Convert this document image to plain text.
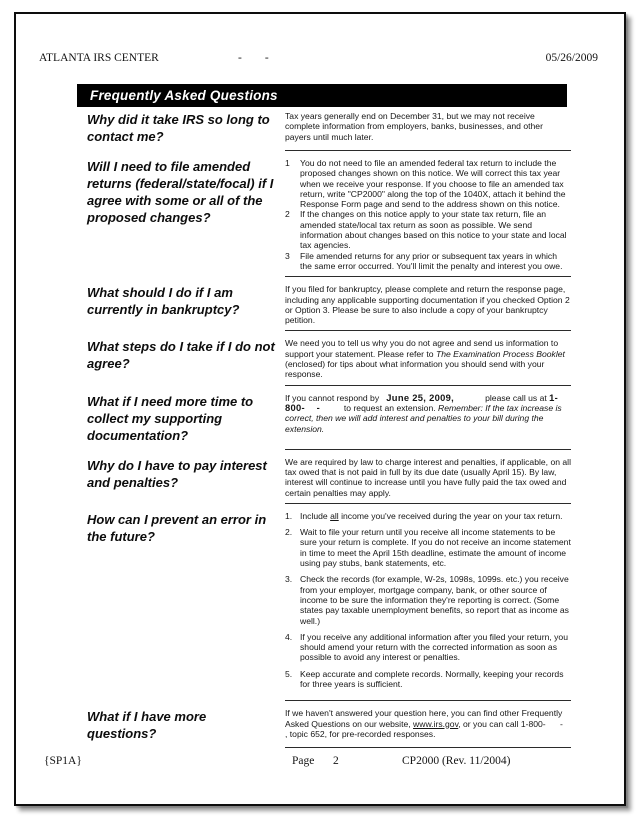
ATLANTA IRS CENTER	-        -	05/26/2009
Frequently Asked Questions
Why did it take IRS so long to contact me?
Tax years generally end on December 31, but we may not receive complete information from employers, banks, businesses, and other payers until much later.
Will I need to file amended returns (federal/state/focal) if I agree with some or all of the proposed changes?
1	You do not need to file an amended federal tax return to include the proposed changes shown on this notice. We will correct this tax year when we receive your response. If you choose to file an amended tax return, write "CP2000" along the top of the 1040X, attach it behind the Response Form page and send to the address shown on this notice.
2	If the changes on this notice apply to your state tax return, file an amended state/local tax return as soon as possible. We send information about changes based on this notice to your state and local tax agencies.
3	File amended returns for any prior or subsequent tax years in which the same error occurred. You'll limit the penalty and interest you owe.
What should I do if I am currently in bankruptcy?
If you filed for bankruptcy, please complete and return the response page, including any applicable supporting documentation if you checked Option 2 or Option 3. Please be sure to also include a copy of your bankruptcy petition.
What steps do I take if I do not agree?
We need you to tell us why you do not agree and send us information to support your statement. Please refer to The Examination Process Booklet (enclosed) for tips about what information you should send with your response.
What if I need more time to collect my supporting documentation?
If you cannot respond by   June 25, 2009,             please call us at 1-800-    -          to request an extension. Remember: If the tax increase is correct, then we will add interest and penalties to your bill during the extension.
Why do I have to pay interest and penalties?
We are required by law to charge interest and penalties, if applicable, on all tax owed that is not paid in full by its due date (usually April 15). By law, interest will continue to increase until you have fully paid the tax owed and certain penalties may apply.
How can I prevent an error in the future?
1. Include all income you've received during the year on your tax return.
2. Wait to file your return until you receive all income statements to be sure your return is complete. If you do not receive an income statement in time to meet the April 15th deadline, estimate the amount of income using pay stubs, bank statements, etc.
3. Check the records (for example, W-2s, 1098s, 1099s. etc.) you receive from your employer, mortgage company, bank, or other source of income to be sure the information they're reporting is correct. (Some states pay taxable unemployment benefits, so report that as income as well.)
4. If you receive any additional information after you filed your return, you should amend your return with the corrected information as soon as possible to avoid any interest or penalties.
5. Keep accurate and complete records. Normally, keeping your records for three years is sufficient.
What if I have more questions?
If we haven't answered your question here, you can find other Frequently Asked Questions on our website, www.irs.gov, or you can call 1-800-      -      , topic 652, for pre-recorded responses.
{SP1A}	Page 2	CP2000 (Rev. 11/2004)
